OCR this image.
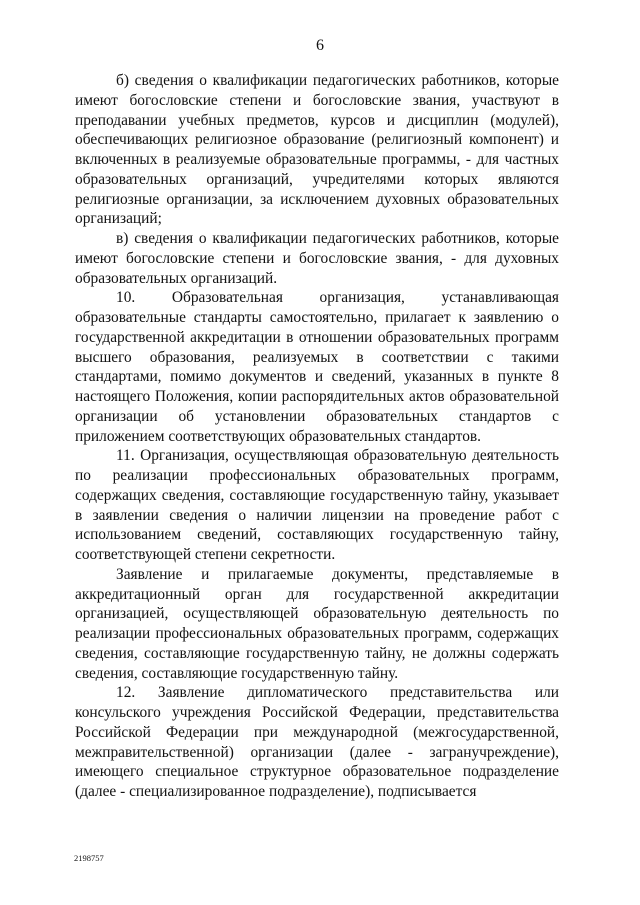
6

б) сведения о квалификации педагогических работников, которые имеют богословские степени и богословские звания, участвуют в преподавании учебных предметов, курсов и дисциплин (модулей), обеспечивающих религиозное образование (религиозный компонент) и включенных в реализуемые образовательные программы, - для частных образовательных организаций, учредителями которых являются религиозные организации, за исключением духовных образовательных организаций;

в) сведения о квалификации педагогических работников, которые имеют богословские степени и богословские звания, - для духовных образовательных организаций.

10. Образовательная организация, устанавливающая образовательные стандарты самостоятельно, прилагает к заявлению о государственной аккредитации в отношении образовательных программ высшего образования, реализуемых в соответствии с такими стандартами, помимо документов и сведений, указанных в пункте 8 настоящего Положения, копии распорядительных актов образовательной организации об установлении образовательных стандартов с приложением соответствующих образовательных стандартов.

11. Организация, осуществляющая образовательную деятельность по реализации профессиональных образовательных программ, содержащих сведения, составляющие государственную тайну, указывает в заявлении сведения о наличии лицензии на проведение работ с использованием сведений, составляющих государственную тайну, соответствующей степени секретности.

Заявление и прилагаемые документы, представляемые в аккредитационный орган для государственной аккредитации организацией, осуществляющей образовательную деятельность по реализации профессиональных образовательных программ, содержащих сведения, составляющие государственную тайну, не должны содержать сведения, составляющие государственную тайну.

12. Заявление дипломатического представительства или консульского учреждения Российской Федерации, представительства Российской Федерации при международной (межгосударственной, межправительственной) организации (далее - загранучреждение), имеющего специальное структурное образовательное подразделение (далее - специализированное подразделение), подписывается

2198757
